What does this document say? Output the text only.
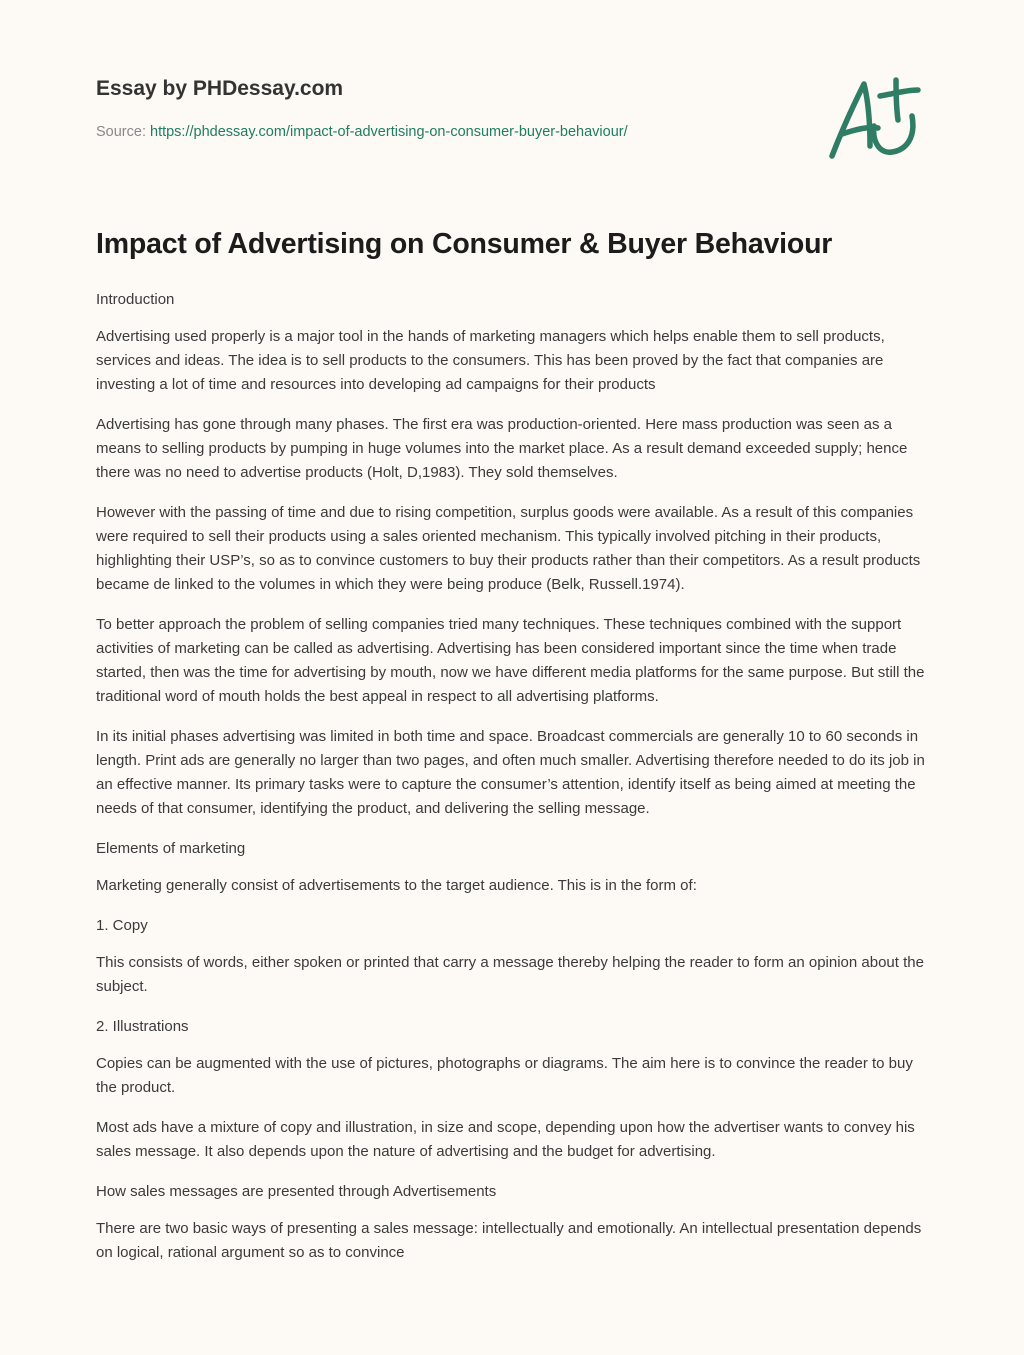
Essay by PHDessay.com
Source: https://phdessay.com/impact-of-advertising-on-consumer-buyer-behaviour/
Impact of Advertising on Consumer & Buyer Behaviour

Introduction

Advertising used properly is a major tool in the hands of marketing managers which helps enable them to sell products, services and ideas. The idea is to sell products to the consumers. This has been proved by the fact that companies are investing a lot of time and resources into developing ad campaigns for their products

Advertising has gone through many phases. The first era was production-oriented. Here mass production was seen as a means to selling products by pumping in huge volumes into the market place. As a result demand exceeded supply; hence there was no need to advertise products (Holt, D,1983). They sold themselves.

However with the passing of time and due to rising competition, surplus goods were available. As a result of this companies were required to sell their products using a sales oriented mechanism. This typically involved pitching in their products, highlighting their USP’s, so as to convince customers to buy their products rather than their competitors. As a result products became de linked to the volumes in which they were being produce (Belk, Russell.1974).

To better approach the problem of selling companies tried many techniques. These techniques combined with the support activities of marketing can be called as advertising. Advertising has been considered important since the time when trade started, then was the time for advertising by mouth, now we have different media platforms for the same purpose. But still the traditional word of mouth holds the best appeal in respect to all advertising platforms.

In its initial phases advertising was limited in both time and space. Broadcast commercials are generally 10 to 60 seconds in length. Print ads are generally no larger than two pages, and often much smaller. Advertising therefore needed to do its job in an effective manner. Its primary tasks were to capture the consumer’s attention, identify itself as being aimed at meeting the needs of that consumer, identifying the product, and delivering the selling message.

Elements of marketing

Marketing generally consist of advertisements to the target audience. This is in the form of:

1. Copy

This consists of words, either spoken or printed that carry a message thereby helping the reader to form an opinion about the subject.

2. Illustrations

Copies can be augmented with the use of pictures, photographs or diagrams. The aim here is to convince the reader to buy the product.

Most ads have a mixture of copy and illustration, in size and scope, depending upon how the advertiser wants to convey his sales message. It also depends upon the nature of advertising and the budget for advertising.

How sales messages are presented through Advertisements

There are two basic ways of presenting a sales message: intellectually and emotionally. An intellectual presentation depends on logical, rational argument so as to convince
